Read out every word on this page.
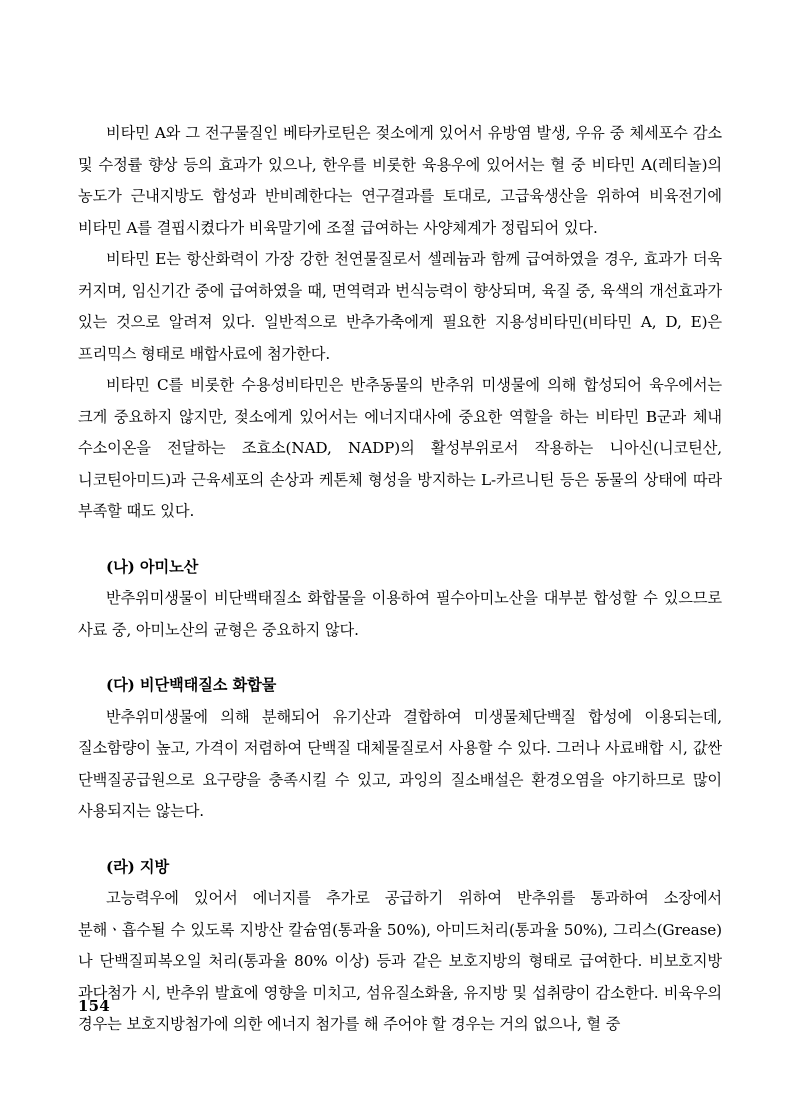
비타민 A와 그 전구물질인 베타카로틴은 젖소에게 있어서 유방염 발생, 우유 중 체세포수 감소 및 수정률 향상 등의 효과가 있으나, 한우를 비롯한 육용우에 있어서는 혈 중 비타민 A(레티놀)의 농도가 근내지방도 합성과 반비례한다는 연구결과를 토대로, 고급육생산을 위하여 비육전기에 비타민 A를 결핍시켰다가 비육말기에 조절 급여하는 사양체계가 정립되어 있다.

비타민 E는 항산화력이 가장 강한 천연물질로서 셀레늄과 함께 급여하였을 경우, 효과가 더욱 커지며, 임신기간 중에 급여하였을 때, 면역력과 번식능력이 향상되며, 육질 중, 육색의 개선효과가 있는 것으로 알려져 있다. 일반적으로 반추가축에게 필요한 지용성비타민(비타민 A, D, E)은 프리믹스 형태로 배합사료에 첨가한다.

비타민 C를 비롯한 수용성비타민은 반추동물의 반추위 미생물에 의해 합성되어 육우에서는 크게 중요하지 않지만, 젖소에게 있어서는 에너지대사에 중요한 역할을 하는 비타민 B군과 체내 수소이온을 전달하는 조효소(NAD, NADP)의 활성부위로서 작용하는 니아신(니코틴산, 니코틴아미드)과 근육세포의 손상과 케톤체 형성을 방지하는 L-카르니틴 등은 동물의 상태에 따라 부족할 때도 있다.

(나) 아미노산

반추위미생물이 비단백태질소 화합물을 이용하여 필수아미노산을 대부분 합성할 수 있으므로 사료 중, 아미노산의 균형은 중요하지 않다.

(다) 비단백태질소 화합물

반추위미생물에 의해 분해되어 유기산과 결합하여 미생물체단백질 합성에 이용되는데, 질소함량이 높고, 가격이 저렴하여 단백질 대체물질로서 사용할 수 있다. 그러나 사료배합 시, 값싼 단백질공급원으로 요구량을 충족시킬 수 있고, 과잉의 질소배설은 환경오염을 야기하므로 많이 사용되지는 않는다.

(라) 지방

고능력우에 있어서 에너지를 추가로 공급하기 위하여 반추위를 통과하여 소장에서 분해ㆍ흡수될 수 있도록 지방산 칼슘염(통과율 50%), 아미드처리(통과율 50%), 그리스(Grease)나 단백질피복오일 처리(통과율 80% 이상) 등과 같은 보호지방의 형태로 급여한다. 비보호지방 과다첨가 시, 반추위 발효에 영향을 미치고, 섬유질소화율, 유지방 및 섭취량이 감소한다. 비육우의 경우는 보호지방첨가에 의한 에너지 첨가를 해 주어야 할 경우는 거의 없으나, 혈 중

154
